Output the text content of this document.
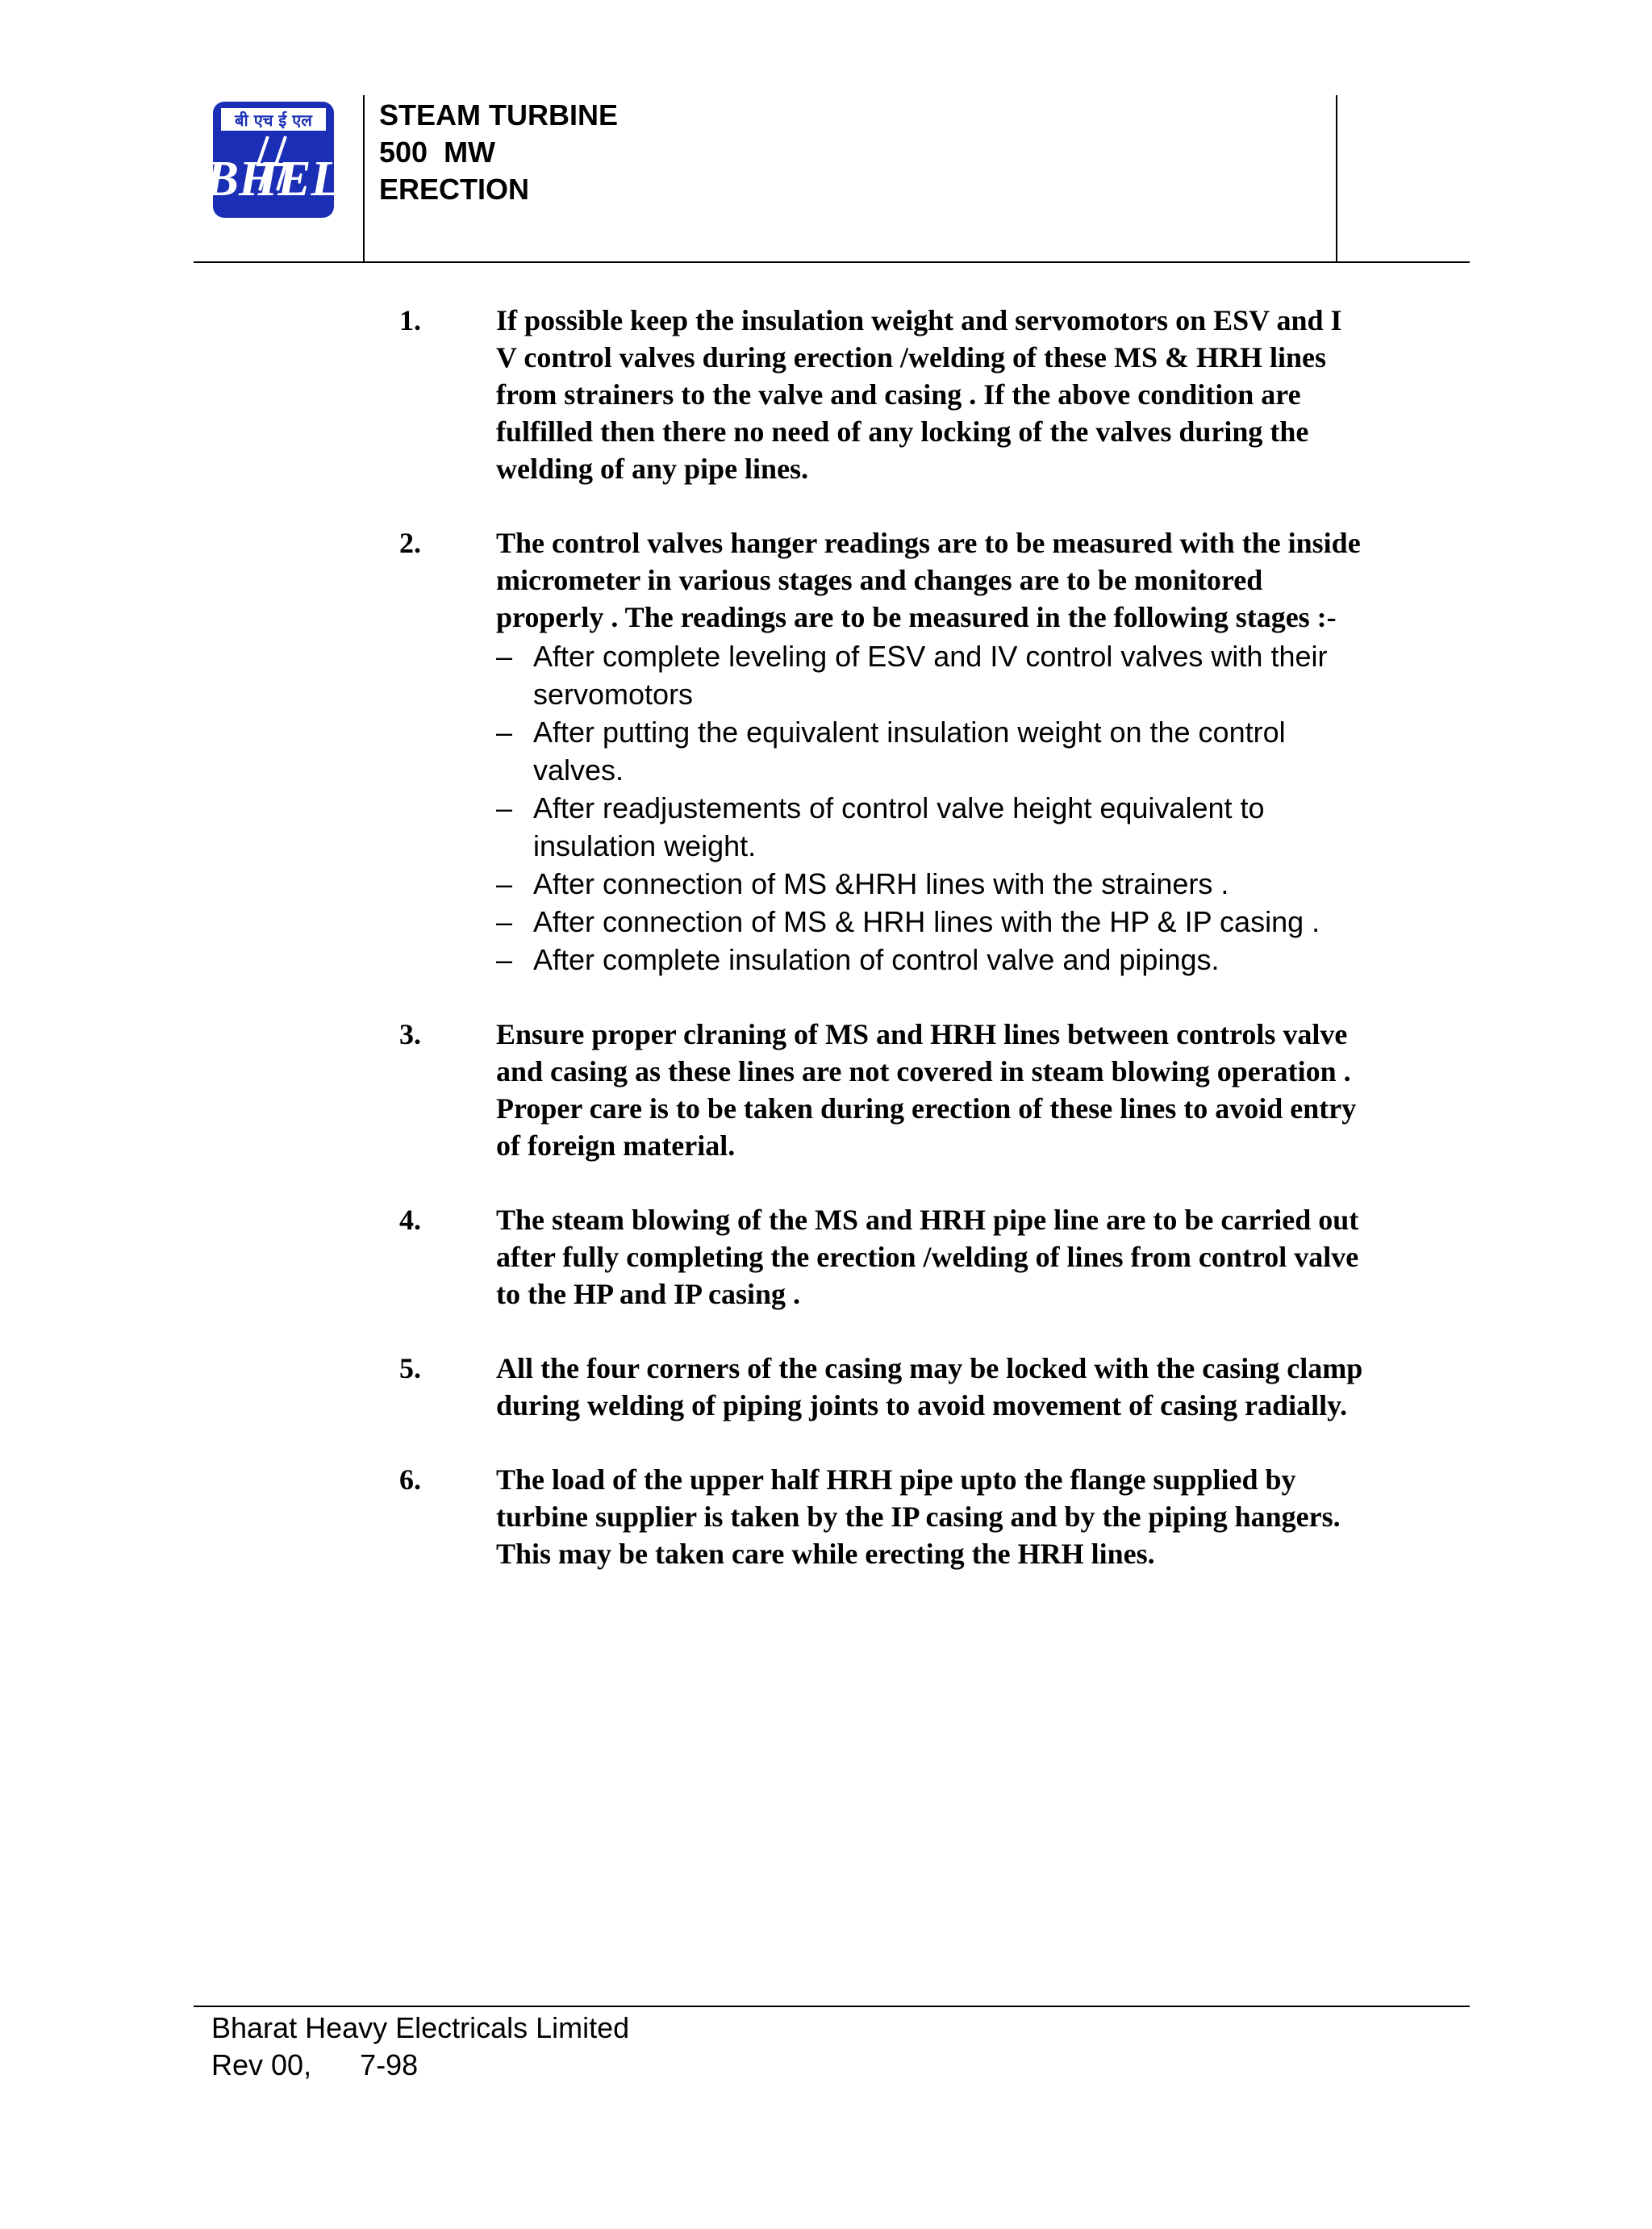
बी एच ई एल
BHEL
STEAM TURBINE
500  MW
ERECTION
1.	If possible keep the insulation weight and servomotors on ESV and I
V control valves during erection /welding of these MS & HRH lines
from strainers to the valve and casing . If the above condition are
fulfilled then there no need of any locking of the valves during the
welding of any pipe lines.
2.	The control valves hanger readings are to be measured with the inside
micrometer in various stages and changes are to be monitored
properly . The readings are to be measured in the following stages :-
– After complete leveling of ESV and IV control valves with their
servomotors
– After putting the equivalent insulation weight on the control
valves.
– After readjustements of control valve height equivalent to
insulation weight.
– After connection of MS &HRH lines with the strainers .
– After connection of MS & HRH lines with the HP & IP casing .
– After complete insulation of control valve and pipings.
3.	Ensure proper clraning of MS and HRH lines between controls valve
and casing as these lines are not covered in steam blowing operation .
Proper care is to be taken during erection of these lines to avoid entry
of foreign material.
4.	The steam blowing of the MS and HRH pipe line are to be carried out
after fully completing the erection /welding of lines from control valve
to the HP and IP casing .
5.	All the four corners of the casing may be locked with the casing clamp
during welding of piping joints to avoid movement of casing radially.
6.	The load of the upper half HRH pipe upto the flange supplied by
turbine supplier is taken by the IP casing and by the piping hangers.
This may be taken care while erecting the HRH lines.
Bharat Heavy Electricals Limited
Rev 00, 7-98
